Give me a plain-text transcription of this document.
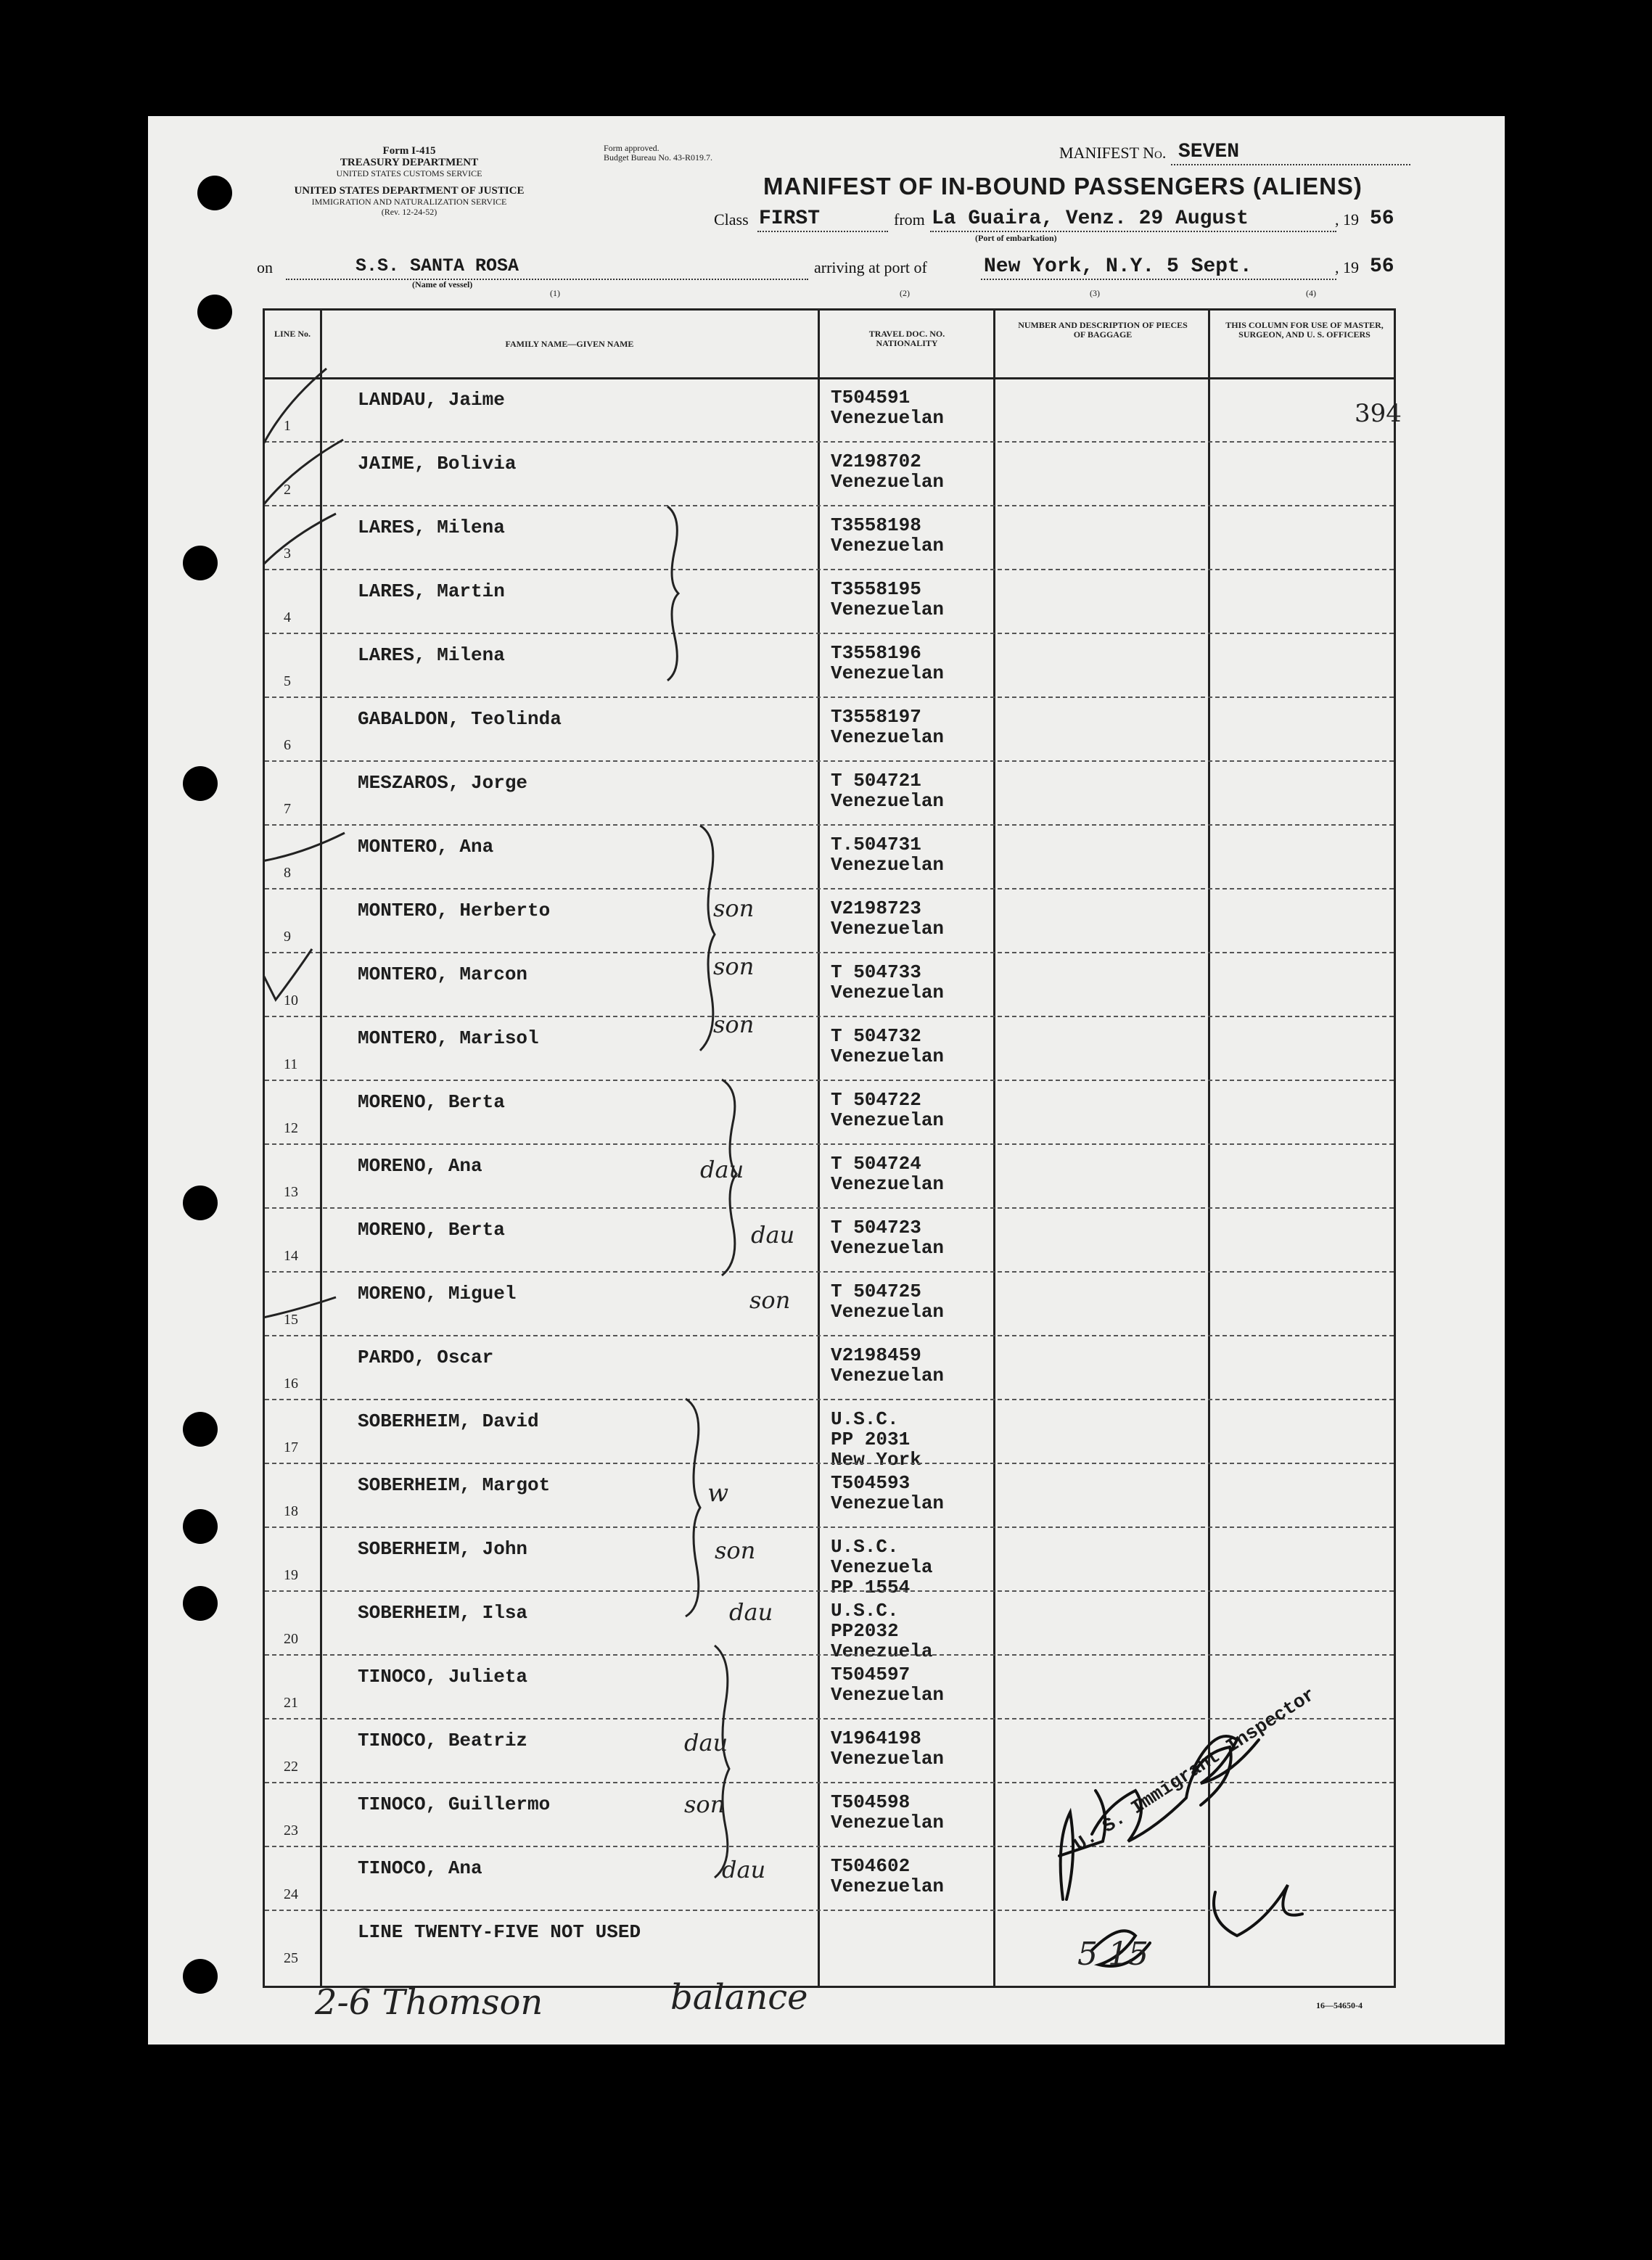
Form I-415
TREASURY DEPARTMENT
UNITED STATES CUSTOMS SERVICE
UNITED STATES DEPARTMENT OF JUSTICE
IMMIGRATION AND NATURALIZATION SERVICE
(Rev. 12-24-52)
Form approved.
Budget Bureau No. 43-R019.7.	MANIFEST No. SEVEN
MANIFEST OF IN-BOUND PASSENGERS (ALIENS)
Class FIRST	from La Guaira, Venz. 29 August	, 19 56
(Port of embarkation)
on	S.S. SANTA ROSA
(Name of vessel)
(1)
arriving at port of	New York, N.Y. 5 Sept.	, 19 56
(2)	(3)	(4)
LINE No.
FAMILY NAME—GIVEN NAME
TRAVEL DOC. NO. NATIONALITY
NUMBER AND DESCRIPTION OF PIECES OF BAGGAGE
THIS COLUMN FOR USE OF MASTER, SURGEON, AND U. S. OFFICERS
1
LANDAU, Jaime	T504591
Venezuelan
2
JAIME, Bolivia	V2198702
Venezuelan
3
LARES, Milena	T3558198
Venezuelan
4
LARES, Martin	T3558195
Venezuelan
5
LARES, Milena	T3558196
Venezuelan
6
GABALDON, Teolinda	T3558197
Venezuelan
7
MESZAROS, Jorge	T 504721
Venezuelan
8
MONTERO, Ana	T.504731
Venezuelan
9
MONTERO, Herberto	V2198723
Venezuelan
10
MONTERO, Marcon	T 504733
Venezuelan
11
MONTERO, Marisol	T 504732
Venezuelan
12
MORENO, Berta	T 504722
Venezuelan
13
MORENO, Ana	T 504724
Venezuelan
14
MORENO, Berta	T 504723
Venezuelan
15
MORENO, Miguel	T 504725
Venezuelan
16
PARDO, Oscar	V2198459
Venezuelan
17
SOBERHEIM, David	U.S.C.
PP 2031
New York
18
SOBERHEIM, Margot	T504593
Venezuelan
19
SOBERHEIM, John	U.S.C.
Venezuela
PP 1554
20
SOBERHEIM, Ilsa	U.S.C.
PP2032
Venezuela
21
TINOCO, Julieta	T504597
Venezuelan
22
TINOCO, Beatriz	V1964198
Venezuelan
23
TINOCO, Guillermo	T504598
Venezuelan
24
TINOCO, Ana	T504602
Venezuelan
25
LINE TWENTY-FIVE NOT USED
394
son
son
son
dau
dau
son
w
son
dau
dau
son
dau
U. S. Immigrant Inspector
5 15
2-6 Thomson	balance	16—54650-4
